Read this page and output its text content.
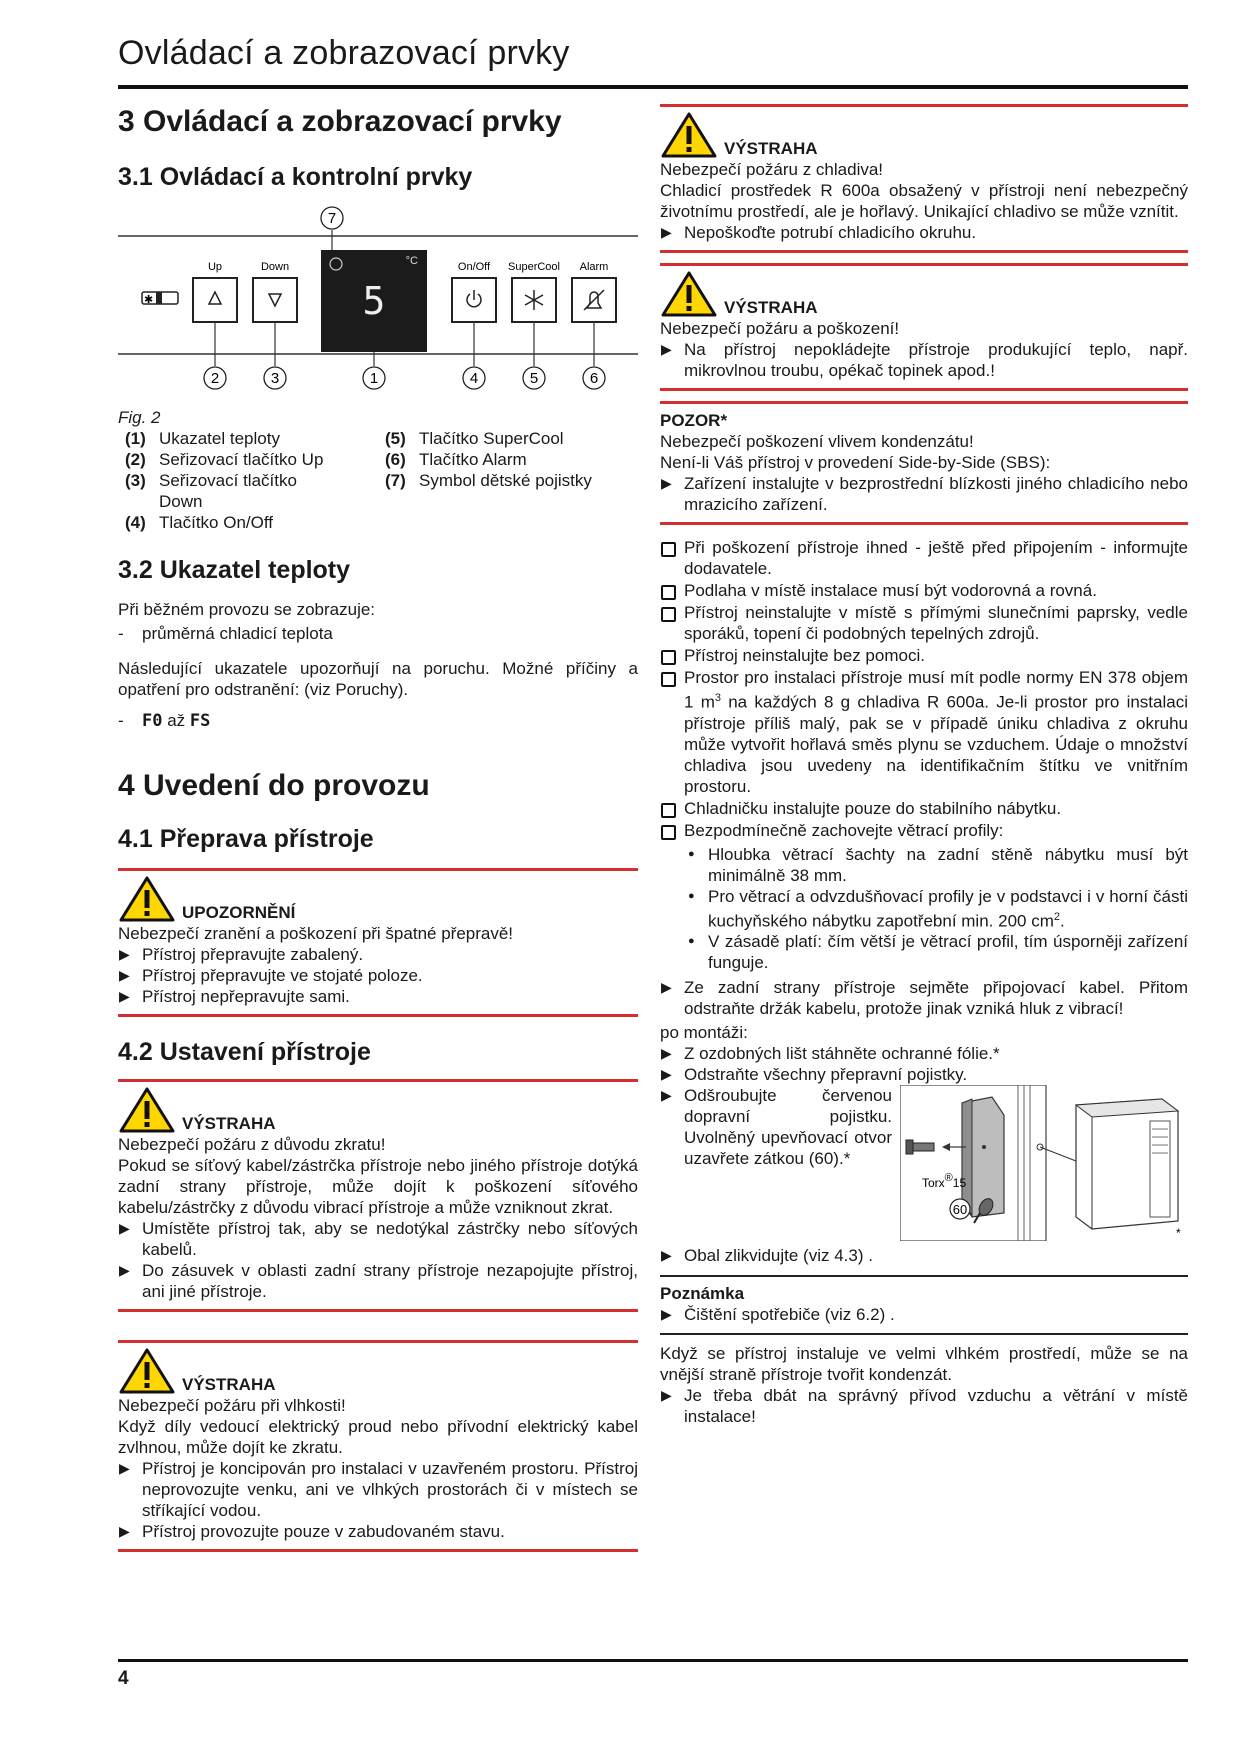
Ovládací a zobrazovací prvky
3 Ovládací a zobrazovací prvky
3.1 Ovládací a kontrolní prvky
✱
Up	Down	On/Off SuperCool Alarm
°C
5
7
2	3	1	4	5	6
Fig. 2
(1) Ukazatel teploty	(5) Tlačítko SuperCool
(2) Seřizovací tlačítko Up	(6) Tlačítko Alarm
(3) Seřizovací tlačítko Down
(7) Symbol dětské pojistky
(4) Tlačítko On/Off
3.2 Ukazatel teploty

Při běžném provozu se zobrazuje:

- průměrná chladicí teplota

Následující ukazatele upozorňují na poruchu. Možné příčiny a opatření pro odstranění: (viz Poruchy).

- F0 až FS

4 Uvedení do provozu
4.1 Přeprava přístroje
UPOZORNĚNÍ

Nebezpečí zranění a poškození při špatné přepravě!

▶ Přístroj přepravujte zabalený.
▶ Přístroj přepravujte ve stojaté poloze.
▶ Přístroj nepřepravujte sami.
4.2 Ustavení přístroje
VÝSTRAHA

Nebezpečí požáru z důvodu zkratu!

Pokud se síťový kabel/zástrčka přístroje nebo jiného přístroje dotýká zadní strany přístroje, může dojít k poškození síťového kabelu/zástrčky z důvodu vibrací přístroje a může vzniknout zkrat.

▶ Umístěte přístroj tak, aby se nedotýkal zástrčky nebo síťových kabelů.
▶ Do zásuvek v oblasti zadní strany přístroje nezapojujte přístroj, ani jiné přístroje.
VÝSTRAHA

Nebezpečí požáru při vlhkosti!

Když díly vedoucí elektrický proud nebo přívodní elektrický kabel zvlhnou, může dojít ke zkratu.

▶ Přístroj je koncipován pro instalaci v uzavřeném prostoru. Přístroj neprovozujte venku, ani ve vlhkých prostorách či v místech se stříkající vodou.
▶ Přístroj provozujte pouze v zabudovaném stavu.
VÝSTRAHA

Nebezpečí požáru z chladiva!

Chladicí prostředek R 600a obsažený v přístroji není nebezpečný životnímu prostředí, ale je hořlavý. Unikající chladivo se může vznítit.

▶ Nepoškoďte potrubí chladicího okruhu.
VÝSTRAHA

Nebezpečí požáru a poškození!

▶ Na přístroj nepokládejte přístroje produkující teplo, např. mikrovlnou troubu, opékač topinek apod.!
POZOR*

Nebezpečí poškození vlivem kondenzátu!

Není-li Váš přístroj v provedení Side-by-Side (SBS):

▶ Zařízení instalujte v bezprostřední blízkosti jiného chladicího nebo mrazicího zařízení.
Při poškození přístroje ihned - ještě před připojením - informujte dodavatele.
Podlaha v místě instalace musí být vodorovná a rovná.
Přístroj neinstalujte v místě s přímými slunečními paprsky, vedle sporáků, topení či podobných tepelných zdrojů.
Přístroj neinstalujte bez pomoci.
Prostor pro instalaci přístroje musí mít podle normy EN 378 objem 1 $m^3$ na každých 8 g chladiva R 600a. Je-li prostor pro instalaci přístroje příliš malý, pak se v případě úniku chladiva z okruhu může vytvořit hořlavá směs plynu se vzduchem. Údaje o množství chladiva jsou uvedeny na identifikačním štítku ve vnitřním prostoru.
Chladničku instalujte pouze do stabilního nábytku.
Bezpodmínečně zachovejte větrací profily:
● Hloubka větrací šachty na zadní stěně nábytku musí být minimálně 38 mm.
● Pro větrací a odvzdušňovací profily je v podstavci i v horní části kuchyňského nábytku zapotřební min. 200 $cm^2$.
● V zásadě platí: čím větší je větrací profil, tím úsporněji zařízení funguje.
▶ Ze zadní strany přístroje sejměte připojovací kabel. Přitom odstraňte držák kabelu, protože jinak vzniká hluk z vibrací!

po montáži:

▶ Z ozdobných lišt stáhněte ochranné fólie.*
▶ Odstraňte všechny přepravní pojistky.
▶ Odšroubujte červenou dopravní pojistku. Uvolněný upevňovací otvor uzavřete zátkou (60).*
Torx®15
60
*
▶ Obal zlikvidujte (viz 4.3) .
Poznámka
▶ Čištění spotřebiče (viz 6.2) .

Když se přístroj instaluje ve velmi vlhkém prostředí, může se na vnější straně přístroje tvořit kondenzát.

▶ Je třeba dbát na správný přívod vzduchu a větrání v místě instalace!
4
